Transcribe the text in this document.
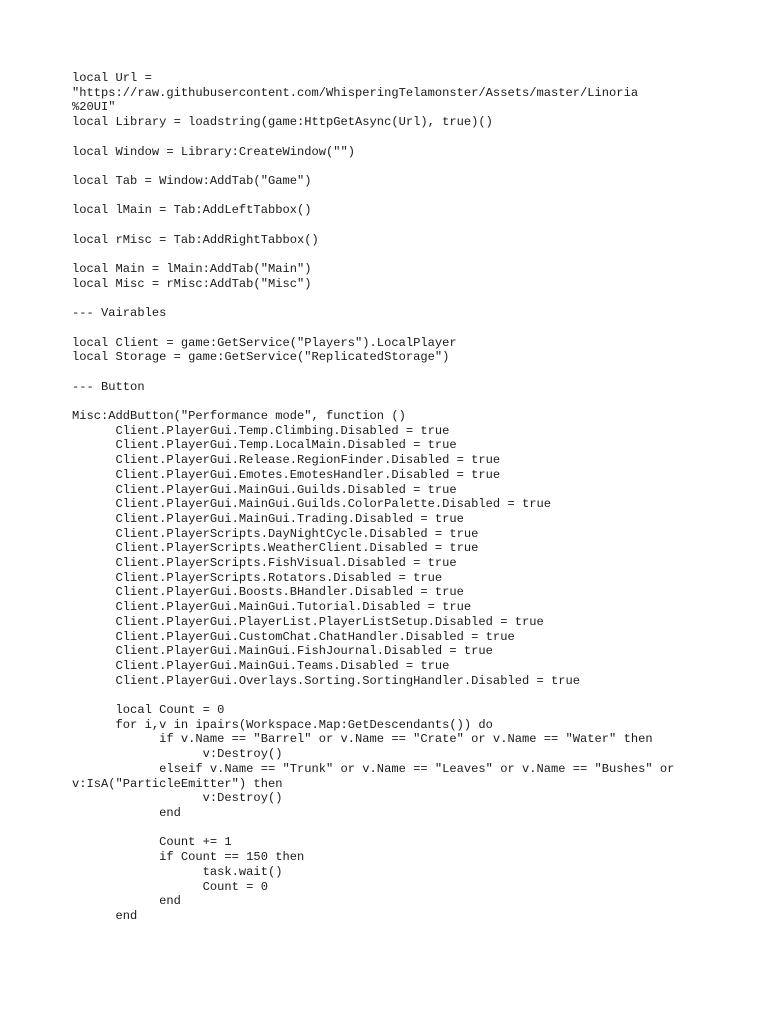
local Url =
"https://raw.githubusercontent.com/WhisperingTelamonster/Assets/master/Linoria
%20UI"
local Library = loadstring(game:HttpGetAsync(Url), true)()
local Window = Library:CreateWindow("")
local Tab = Window:AddTab("Game")
local lMain = Tab:AddLeftTabbox()
local rMisc = Tab:AddRightTabbox()
local Main = lMain:AddTab("Main")
local Misc = rMisc:AddTab("Misc")
--- Vairables
local Client = game:GetService("Players").LocalPlayer
local Storage = game:GetService("ReplicatedStorage")
--- Button
Misc:AddButton("Performance mode", function ()
Client.PlayerGui.Temp.Climbing.Disabled = true
Client.PlayerGui.Temp.LocalMain.Disabled = true
Client.PlayerGui.Release.RegionFinder.Disabled = true
Client.PlayerGui.Emotes.EmotesHandler.Disabled = true
Client.PlayerGui.MainGui.Guilds.Disabled = true
Client.PlayerGui.MainGui.Guilds.ColorPalette.Disabled = true
Client.PlayerGui.MainGui.Trading.Disabled = true
Client.PlayerScripts.DayNightCycle.Disabled = true
Client.PlayerScripts.WeatherClient.Disabled = true
Client.PlayerScripts.FishVisual.Disabled = true
Client.PlayerScripts.Rotators.Disabled = true
Client.PlayerGui.Boosts.BHandler.Disabled = true
Client.PlayerGui.MainGui.Tutorial.Disabled = true
Client.PlayerGui.PlayerList.PlayerListSetup.Disabled = true
Client.PlayerGui.CustomChat.ChatHandler.Disabled = true
Client.PlayerGui.MainGui.FishJournal.Disabled = true
Client.PlayerGui.MainGui.Teams.Disabled = true
Client.PlayerGui.Overlays.Sorting.SortingHandler.Disabled = true
local Count = 0
for i,v in ipairs(Workspace.Map:GetDescendants()) do
if v.Name == "Barrel" or v.Name == "Crate" or v.Name == "Water" then
v:Destroy()
elseif v.Name == "Trunk" or v.Name == "Leaves" or v.Name == "Bushes" or
v:IsA("ParticleEmitter") then
v:Destroy()
end
Count += 1
if Count == 150 then
task.wait()
Count = 0
end
end
